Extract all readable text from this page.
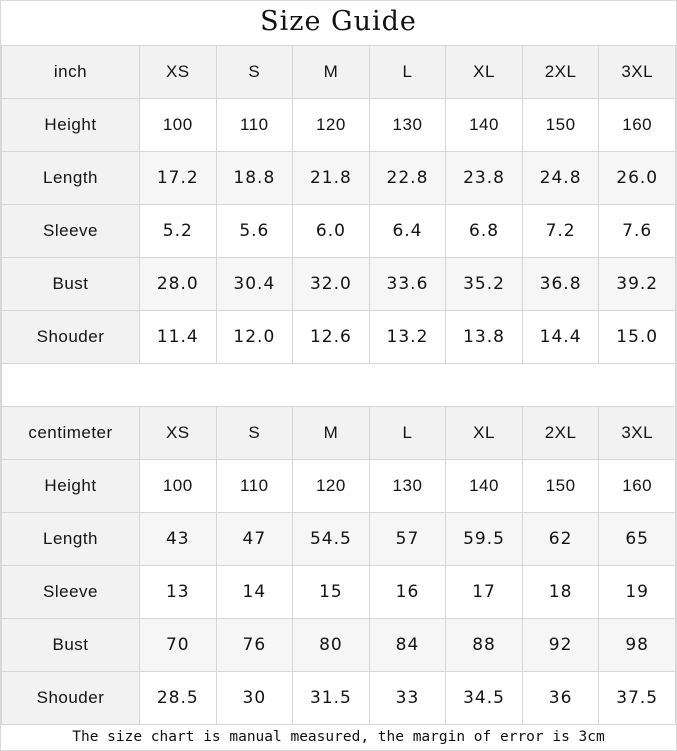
Size Guide
inch	XS	S	M	L	XL	2XL	3XL
Height	100	110	120	130	140	150	160
Length	17.2	18.8	21.8	22.8	23.8	24.8	26.0
Sleeve	5.2	5.6	6.0	6.4	6.8	7.2	7.6
Bust	28.0	30.4	32.0	33.6	35.2	36.8	39.2
Shouder	11.4	12.0	12.6	13.2	13.8	14.4	15.0
centimeter	XS	S	M	L	XL	2XL	3XL
Height	100	110	120	130	140	150	160
Length	43	47	54.5	57	59.5	62	65
Sleeve	13	14	15	16	17	18	19
Bust	70	76	80	84	88	92	98
Shouder	28.5	30	31.5	33	34.5	36	37.5
The size chart is manual measured, the margin of error is 3cm
